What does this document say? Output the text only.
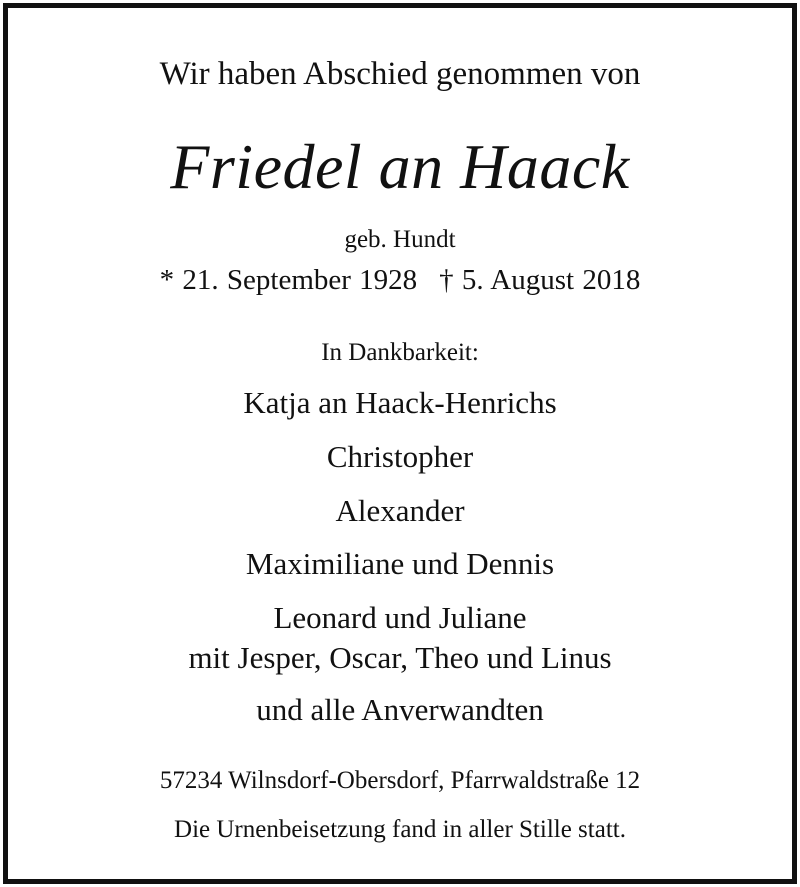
Wir haben Abschied genommen von
Friedel an Haack
geb. Hundt
* 21. September 1928 † 5. August 2018
In Dankbarkeit:
Katja an Haack-Henrichs
Christopher
Alexander
Maximiliane und Dennis
Leonard und Juliane
mit Jesper, Oscar, Theo und Linus
und alle Anverwandten
57234 Wilnsdorf-Obersdorf, Pfarrwaldstraße 12
Die Urnenbeisetzung fand in aller Stille statt.
